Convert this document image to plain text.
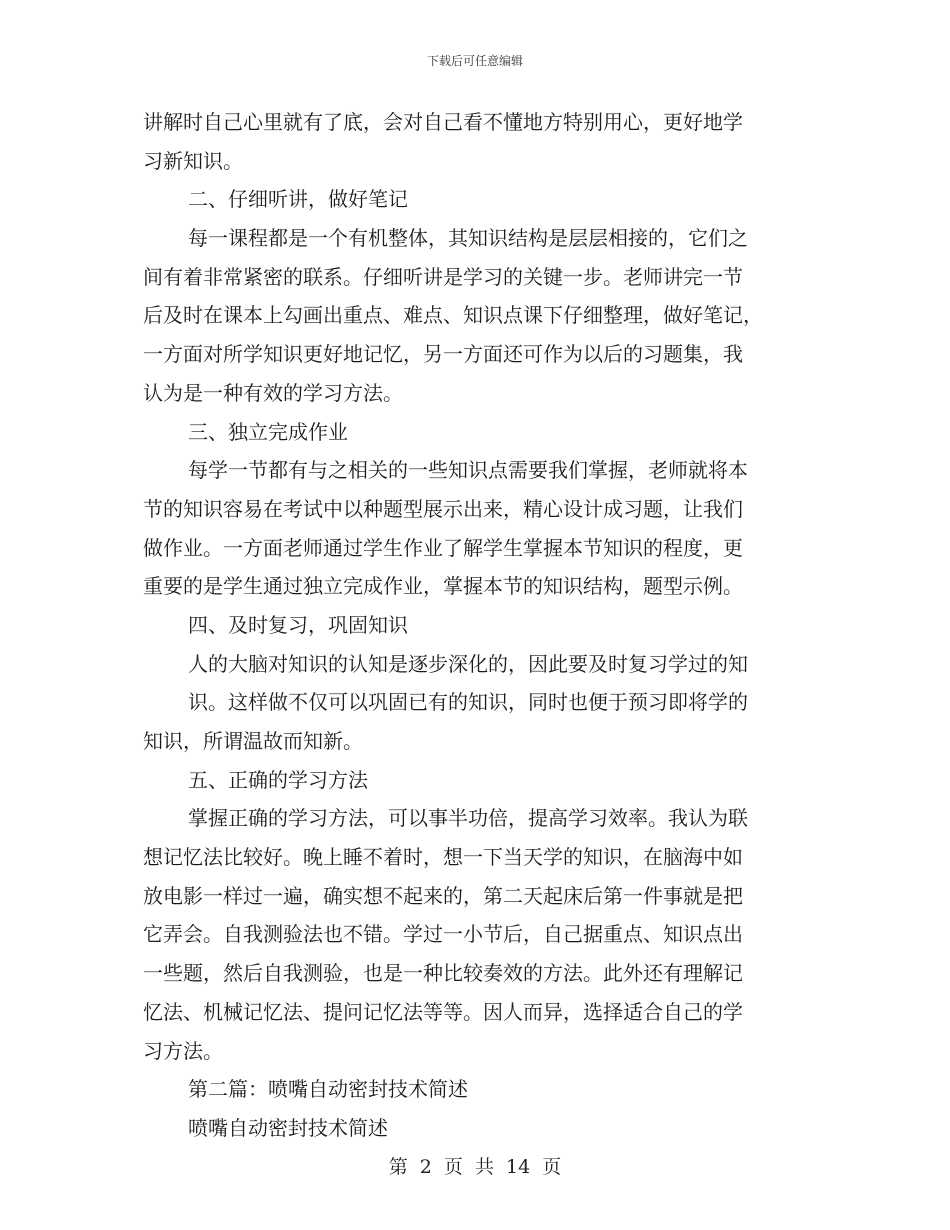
下载后可任意编辑
讲解时自己心里就有了底，会对自己看不懂地方特别用心，更好地学
习新知识。
二、仔细听讲，做好笔记
每一课程都是一个有机整体，其知识结构是层层相接的，它们之
间有着非常紧密的联系。仔细听讲是学习的关键一步。老师讲完一节
后及时在课本上勾画出重点、难点、知识点课下仔细整理，做好笔记，
一方面对所学知识更好地记忆，另一方面还可作为以后的习题集，我
认为是一种有效的学习方法。
三、独立完成作业
每学一节都有与之相关的一些知识点需要我们掌握，老师就将本
节的知识容易在考试中以种题型展示出来，精心设计成习题，让我们
做作业。一方面老师通过学生作业了解学生掌握本节知识的程度，更
重要的是学生通过独立完成作业，掌握本节的知识结构，题型示例。
四、及时复习，巩固知识
人的大脑对知识的认知是逐步深化的，因此要及时复习学过的知
识。这样做不仅可以巩固已有的知识，同时也便于预习即将学的
知识，所谓温故而知新。
五、正确的学习方法
掌握正确的学习方法，可以事半功倍，提高学习效率。我认为联
想记忆法比较好。晚上睡不着时，想一下当天学的知识，在脑海中如
放电影一样过一遍，确实想不起来的，第二天起床后第一件事就是把
它弄会。自我测验法也不错。学过一小节后，自己据重点、知识点出
一些题，然后自我测验，也是一种比较奏效的方法。此外还有理解记
忆法、机械记忆法、提问记忆法等等。因人而异，选择适合自己的学
习方法。
第二篇：喷嘴自动密封技术简述
喷嘴自动密封技术简述
第 2 页 共 14 页
